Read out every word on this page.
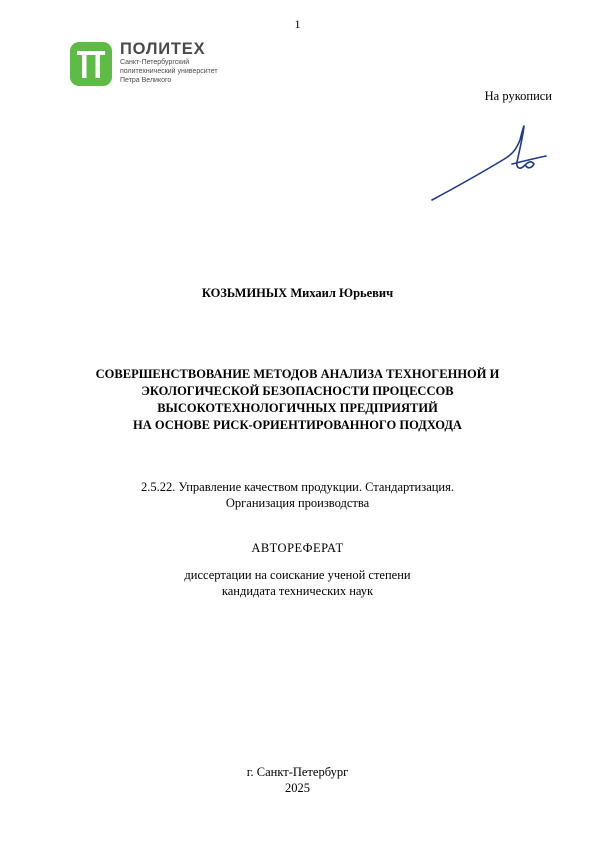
1
ПОЛИТЕХ
Санкт-Петербургский
политехнический университет
Петра Великого
На рукописи
КОЗЬМИНЫХ Михаил Юрьевич
СОВЕРШЕНСТВОВАНИЕ МЕТОДОВ АНАЛИЗА ТЕХНОГЕННОЙ И
ЭКОЛОГИЧЕСКОЙ БЕЗОПАСНОСТИ ПРОЦЕССОВ
ВЫСОКОТЕХНОЛОГИЧНЫХ ПРЕДПРИЯТИЙ
НА ОСНОВЕ РИСК-ОРИЕНТИРОВАННОГО ПОДХОДА
2.5.22. Управление качеством продукции. Стандартизация.
Организация производства
АВТОРЕФЕРАТ
диссертации на соискание ученой степени
кандидата технических наук
г. Санкт-Петербург
2025
